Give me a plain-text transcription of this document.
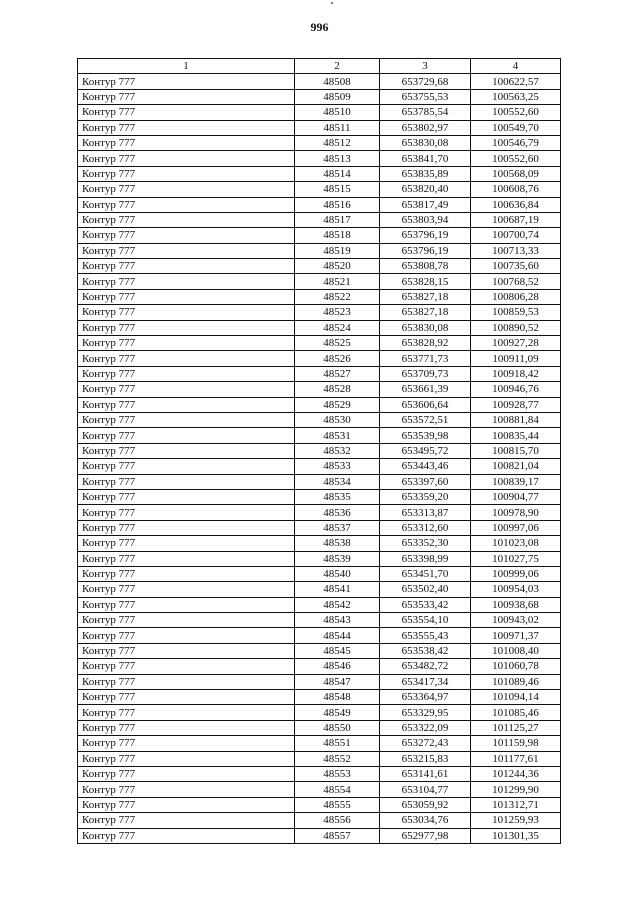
996
1	2	3	4
Контур 777	48508	653729,68	100622,57
Контур 777	48509	653755,53	100563,25
Контур 777	48510	653785,54	100552,60
Контур 777	48511	653802,97	100549,70
Контур 777	48512	653830,08	100546,79
Контур 777	48513	653841,70	100552,60
Контур 777	48514	653835,89	100568,09
Контур 777	48515	653820,40	100608,76
Контур 777	48516	653817,49	100636,84
Контур 777	48517	653803,94	100687,19
Контур 777	48518	653796,19	100700,74
Контур 777	48519	653796,19	100713,33
Контур 777	48520	653808,78	100735,60
Контур 777	48521	653828,15	100768,52
Контур 777	48522	653827,18	100806,28
Контур 777	48523	653827,18	100859,53
Контур 777	48524	653830,08	100890,52
Контур 777	48525	653828,92	100927,28
Контур 777	48526	653771,73	100911,09
Контур 777	48527	653709,73	100918,42
Контур 777	48528	653661,39	100946,76
Контур 777	48529	653606,64	100928,77
Контур 777	48530	653572,51	100881,84
Контур 777	48531	653539,98	100835,44
Контур 777	48532	653495,72	100815,70
Контур 777	48533	653443,46	100821,04
Контур 777	48534	653397,60	100839,17
Контур 777	48535	653359,20	100904,77
Контур 777	48536	653313,87	100978,90
Контур 777	48537	653312,60	100997,06
Контур 777	48538	653352,30	101023,08
Контур 777	48539	653398,99	101027,75
Контур 777	48540	653451,70	100999,06
Контур 777	48541	653502,40	100954,03
Контур 777	48542	653533,42	100938,68
Контур 777	48543	653554,10	100943,02
Контур 777	48544	653555,43	100971,37
Контур 777	48545	653538,42	101008,40
Контур 777	48546	653482,72	101060,78
Контур 777	48547	653417,34	101089,46
Контур 777	48548	653364,97	101094,14
Контур 777	48549	653329,95	101085,46
Контур 777	48550	653322,09	101125,27
Контур 777	48551	653272,43	101159,98
Контур 777	48552	653215,83	101177,61
Контур 777	48553	653141,61	101244,36
Контур 777	48554	653104,77	101299,90
Контур 777	48555	653059,92	101312,71
Контур 777	48556	653034,76	101259,93
Контур 777	48557	652977,98	101301,35
